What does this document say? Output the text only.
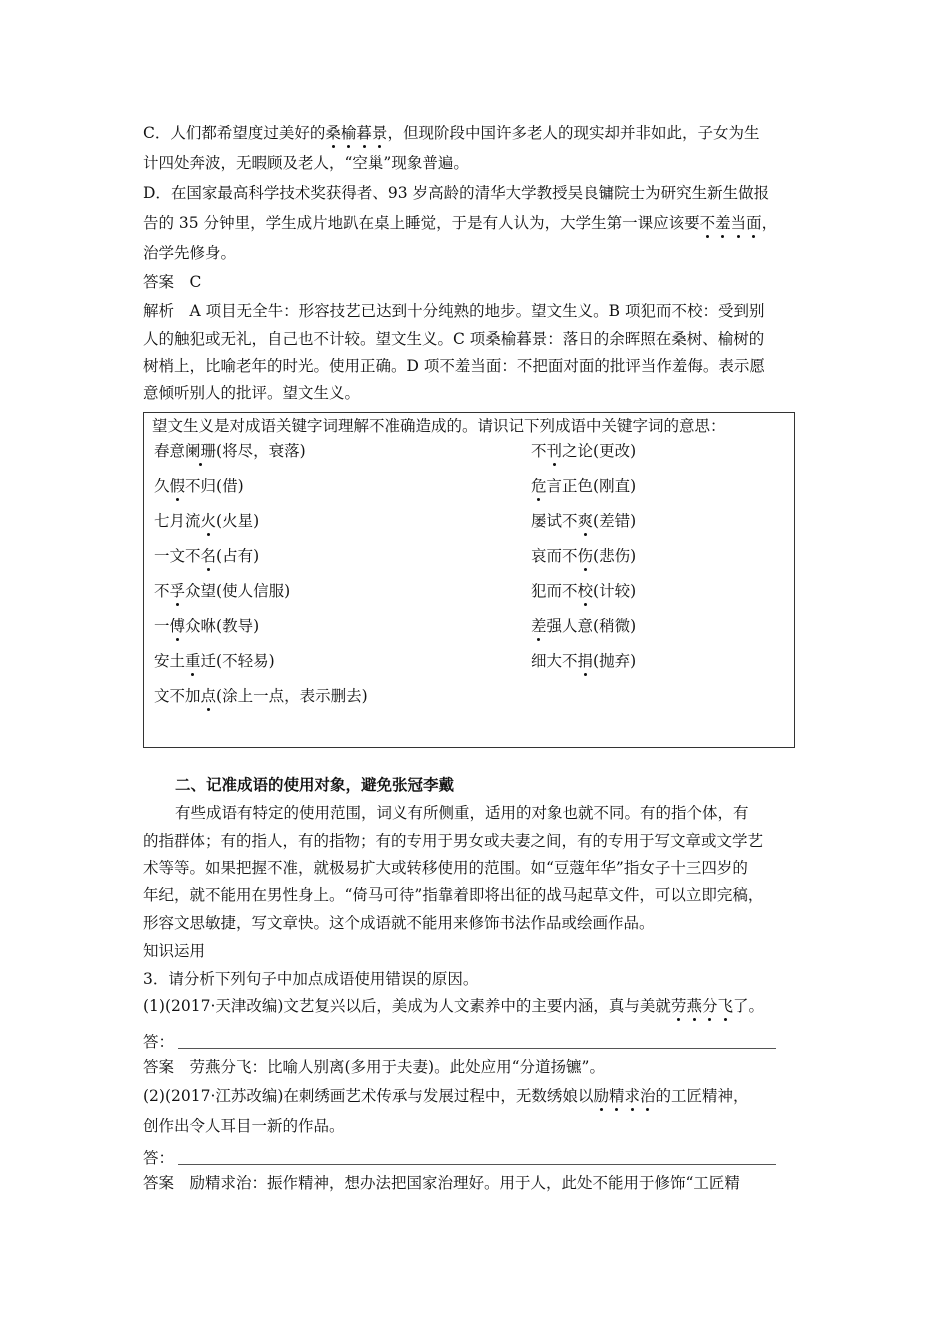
C．人们都希望度过美好的桑榆暮景，但现阶段中国许多老人的现实却并非如此，子女为生
计四处奔波，无暇顾及老人，“空巢”现象普遍。
D．在国家最高科学技术奖获得者、93 岁高龄的清华大学教授吴良镛院士为研究生新生做报
告的 35 分钟里，学生成片地趴在桌上睡觉，于是有人认为，大学生第一课应该要不羞当面，
治学先修身。
答案　C
解析　A 项目无全牛：形容技艺已达到十分纯熟的地步。望文生义。B 项犯而不校：受到别
人的触犯或无礼，自己也不计较。望文生义。C 项桑榆暮景：落日的余晖照在桑树、榆树的
树梢上，比喻老年的时光。使用正确。D 项不羞当面：不把面对面的批评当作羞侮。表示愿
意倾听别人的批评。望文生义。
望文生义是对成语关键字词理解不准确造成的。请识记下列成语中关键字词的意思：
春意阑珊(将尽，衰落)
久假不归(借)
七月流火(火星)
一文不名(占有)
不孚众望(使人信服)
一傅众咻(教导)
安土重迁(不轻易)
文不加点(涂上一点，表示删去)
不刊之论(更改)
危言正色(刚直)
屡试不爽(差错)
哀而不伤(悲伤)
犯而不校(计较)
差强人意(稍微)
细大不捐(抛弃)
二、记准成语的使用对象，避免张冠李戴
有些成语有特定的使用范围，词义有所侧重，适用的对象也就不同。有的指个体，有
的指群体；有的指人，有的指物；有的专用于男女或夫妻之间，有的专用于写文章或文学艺
术等等。如果把握不准，就极易扩大或转移使用的范围。如“豆蔻年华”指女子十三四岁的
年纪，就不能用在男性身上。“倚马可待”指靠着即将出征的战马起草文件，可以立即完稿，
形容文思敏捷，写文章快。这个成语就不能用来修饰书法作品或绘画作品。
知识运用
3．请分析下列句子中加点成语使用错误的原因。
(1)(2017·天津改编)文艺复兴以后，美成为人文素养中的主要内涵，真与美就劳燕分飞了。
答：
答案　劳燕分飞：比喻人别离(多用于夫妻)。此处应用“分道扬镳”。
(2)(2017·江苏改编)在刺绣画艺术传承与发展过程中，无数绣娘以励精求治的工匠精神，
创作出令人耳目一新的作品。
答：
答案　励精求治：振作精神，想办法把国家治理好。用于人，此处不能用于修饰“工匠精
